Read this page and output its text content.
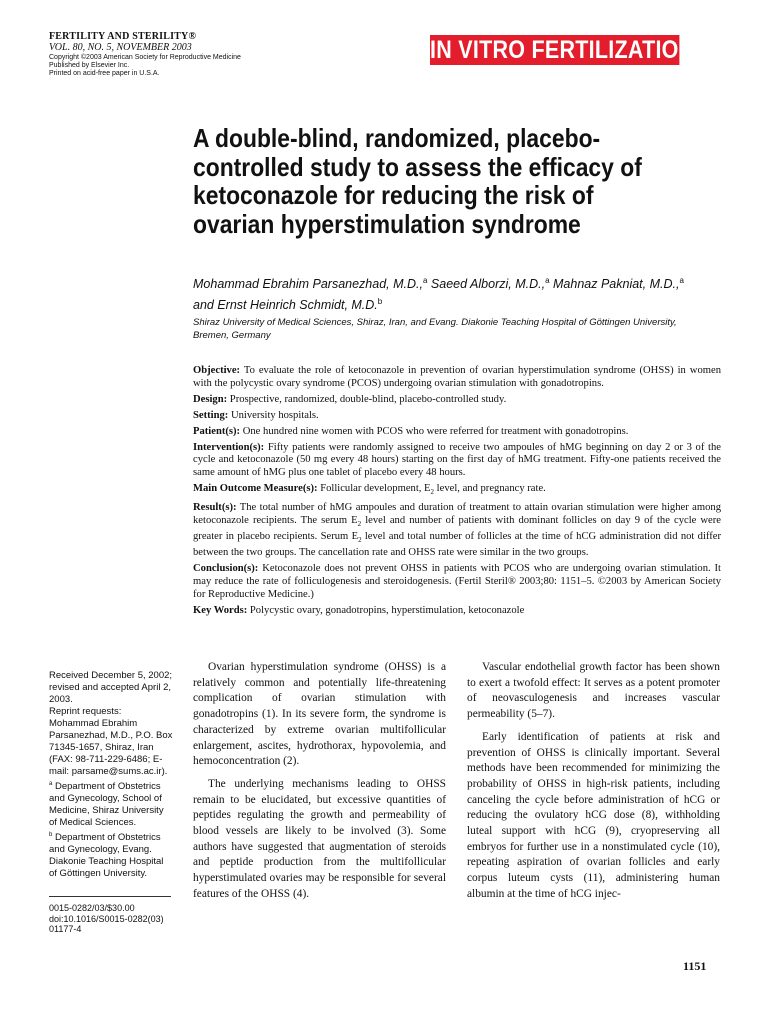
FERTILITY AND STERILITY®
VOL. 80, NO. 5, NOVEMBER 2003
Copyright ©2003 American Society for Reproductive Medicine
Published by Elsevier Inc.
Printed on acid-free paper in U.S.A.
IN VITRO FERTILIZATION
A double-blind, randomized, placebo-controlled study to assess the efficacy of ketoconazole for reducing the risk of ovarian hyperstimulation syndrome
Mohammad Ebrahim Parsanezhad, M.D.,$^a$ Saeed Alborzi, M.D.,$^a$ Mahnaz Pakniat, M.D.,$^a$
and Ernst Heinrich Schmidt, M.D.$^b$
Shiraz University of Medical Sciences, Shiraz, Iran, and Evang. Diakonie Teaching Hospital of Göttingen University, Bremen, Germany

Objective: To evaluate the role of ketoconazole in prevention of ovarian hyperstimulation syndrome (OHSS) in women with the polycystic ovary syndrome (PCOS) undergoing ovarian stimulation with gonadotropins.

Design: Prospective, randomized, double-blind, placebo-controlled study.

Setting: University hospitals.

Patient(s): One hundred nine women with PCOS who were referred for treatment with gonadotropins.

Intervention(s): Fifty patients were randomly assigned to receive two ampoules of hMG beginning on day 2 or 3 of the cycle and ketoconazole (50 mg every 48 hours) starting on the first day of hMG treatment. Fifty-one patients received the same amount of hMG plus one tablet of placebo every 48 hours.

Main Outcome Measure(s): Follicular development, $E_2$ level, and pregnancy rate.

Result(s): The total number of hMG ampoules and duration of treatment to attain ovarian stimulation were higher among ketoconazole recipients. The serum $E_2$ level and number of patients with dominant follicles on day 9 of the cycle were greater in placebo recipients. Serum $E_2$ level and total number of follicles at the time of hCG administration did not differ between the two groups. The cancellation rate and OHSS rate were similar in the two groups.

Conclusion(s): Ketoconazole does not prevent OHSS in patients with PCOS who are undergoing ovarian stimulation. It may reduce the rate of folliculogenesis and steroidogenesis. (Fertil Steril® 2003;80: 1151–5. ©2003 by American Society for Reproductive Medicine.)

Key Words: Polycystic ovary, gonadotropins, hyperstimulation, ketoconazole

Received December 5, 2002; revised and accepted April 2, 2003.

Reprint requests: Mohammad Ebrahim Parsanezhad, M.D., P.O. Box 71345-1657, Shiraz, Iran (FAX: 98-711-229-6486; E-mail: parsame@sums.ac.ir).

$^a$ Department of Obstetrics and Gynecology, School of Medicine, Shiraz University of Medical Sciences.

$^b$ Department of Obstetrics and Gynecology, Evang. Diakonie Teaching Hospital of Göttingen University.

0015-0282/03/$30.00

doi:10.1016/S0015-0282(03)

01177-4

Ovarian hyperstimulation syndrome (OHSS) is a relatively common and potentially life-threatening complication of ovarian stimulation with gonadotropins (1). In its severe form, the syndrome is characterized by extreme ovarian multifollicular enlargement, ascites, hydrothorax, hypovolemia, and hemoconcentration (2).

The underlying mechanisms leading to OHSS remain to be elucidated, but excessive quantities of peptides regulating the growth and permeability of blood vessels are likely to be involved (3). Some authors have suggested that augmentation of steroids and peptide production from the multifollicular hyperstimulated ovaries may be responsible for several features of the OHSS (4).

Vascular endothelial growth factor has been shown to exert a twofold effect: It serves as a potent promoter of neovasculogenesis and increases vascular permeability (5–7).

Early identification of patients at risk and prevention of OHSS is clinically important. Several methods have been recommended for minimizing the probability of OHSS in high-risk patients, including canceling the cycle before administration of hCG or reducing the ovulatory hCG dose (8), withholding luteal support with hCG (9), cryopreserving all embryos for further use in a nonstimulated cycle (10), repeating aspiration of ovarian follicles and early corpus luteum cysts (11), administering human albumin at the time of hCG injec-

1151
